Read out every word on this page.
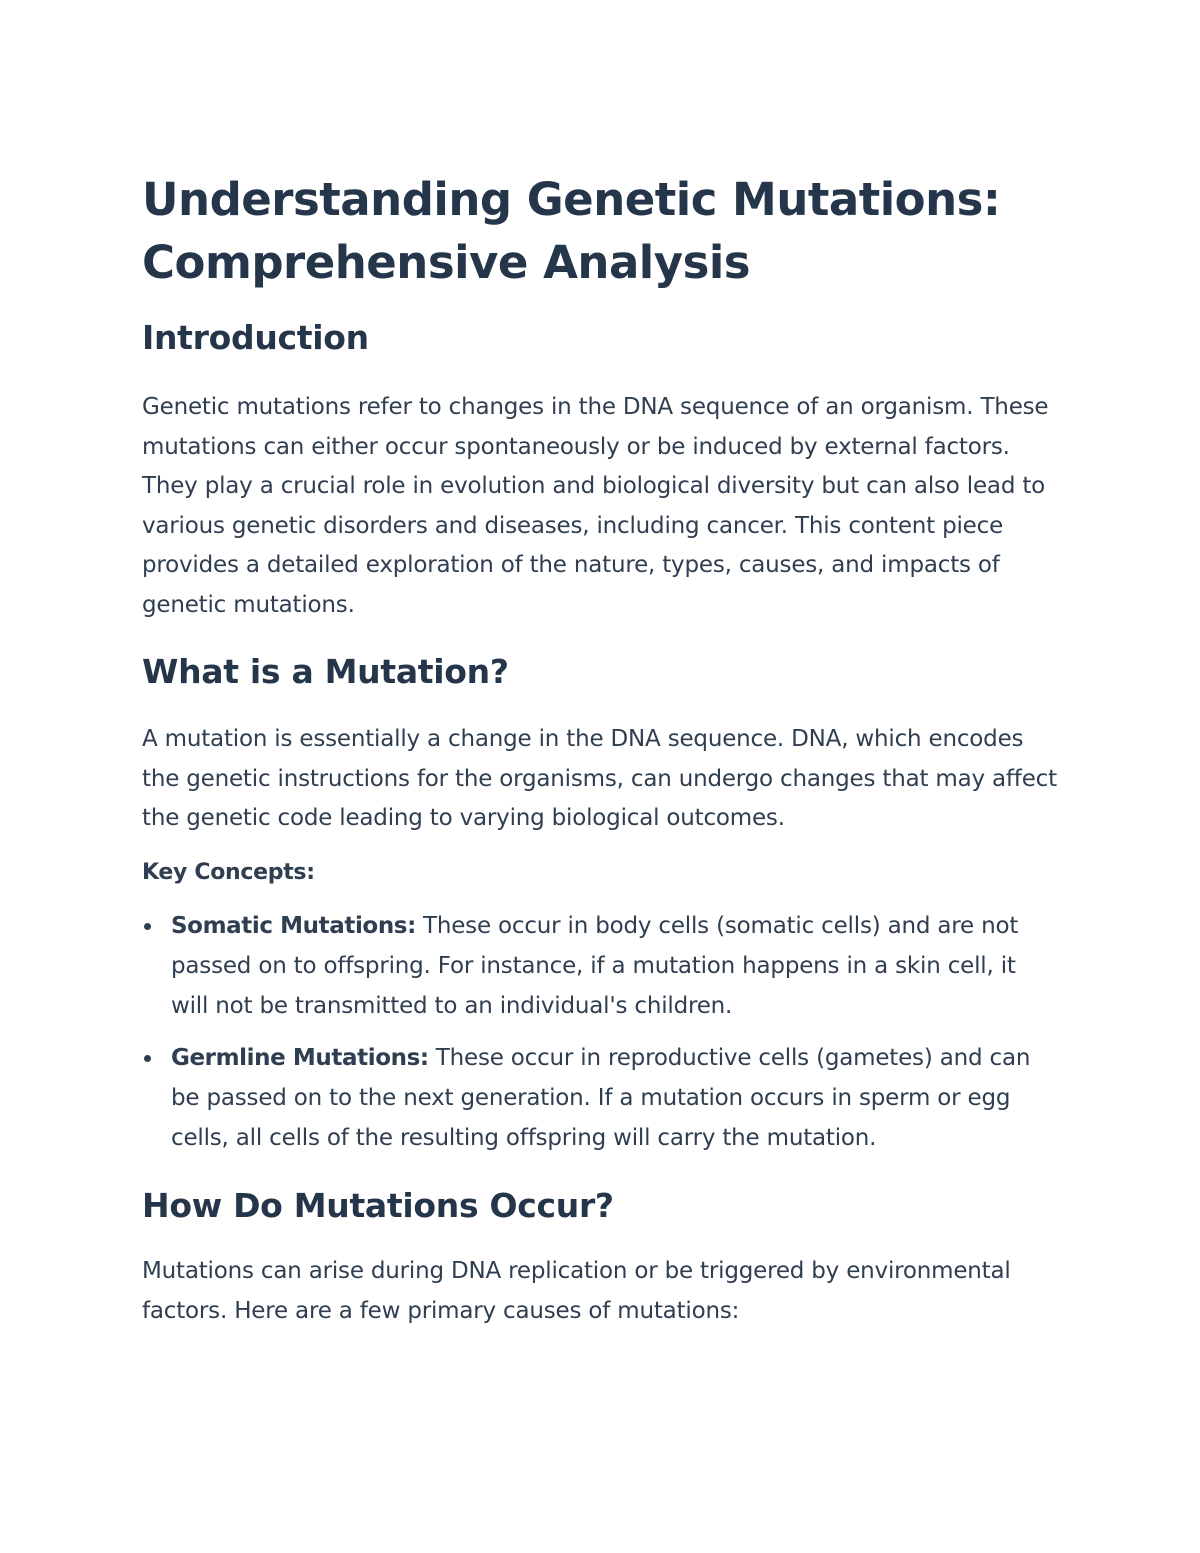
Understanding Genetic Mutations: Comprehensive Analysis
Introduction

Genetic mutations refer to changes in the DNA sequence of an organism. These mutations can either occur spontaneously or be induced by external factors. They play a crucial role in evolution and biological diversity but can also lead to various genetic disorders and diseases, including cancer. This content piece provides a detailed exploration of the nature, types, causes, and impacts of genetic mutations.

What is a Mutation?

A mutation is essentially a change in the DNA sequence. DNA, which encodes the genetic instructions for the organisms, can undergo changes that may affect the genetic code leading to varying biological outcomes.

Key Concepts:
Somatic Mutations: These occur in body cells (somatic cells) and are not passed on to offspring. For instance, if a mutation happens in a skin cell, it will not be transmitted to an individual's children.
Germline Mutations: These occur in reproductive cells (gametes) and can be passed on to the next generation. If a mutation occurs in sperm or egg cells, all cells of the resulting offspring will carry the mutation.
How Do Mutations Occur?

Mutations can arise during DNA replication or be triggered by environmental factors. Here are a few primary causes of mutations:
